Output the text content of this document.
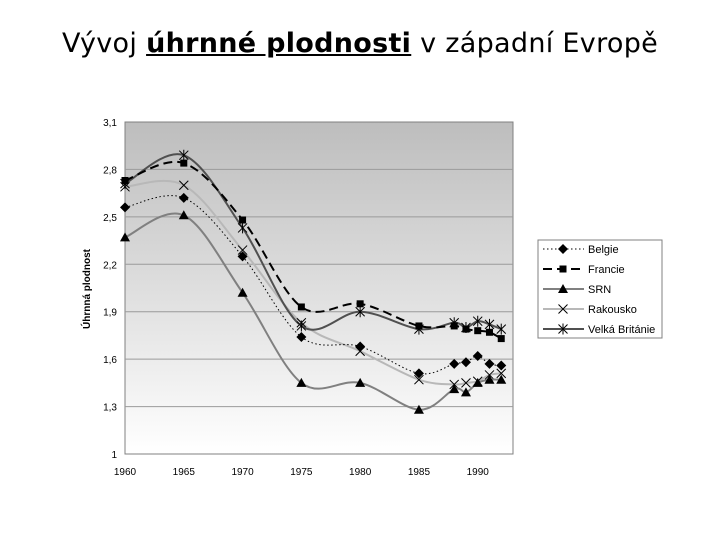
Vývoj úhrnné plodnosti v západní Evropě
1
1,3
1,6
1,9
2,2
2,5
2,8
3,1
1960	1965	1970	1975	1980	1985	1990
Úhrnná plodnost	Belgie
Francie
SRN
Rakousko
Velká Británie
